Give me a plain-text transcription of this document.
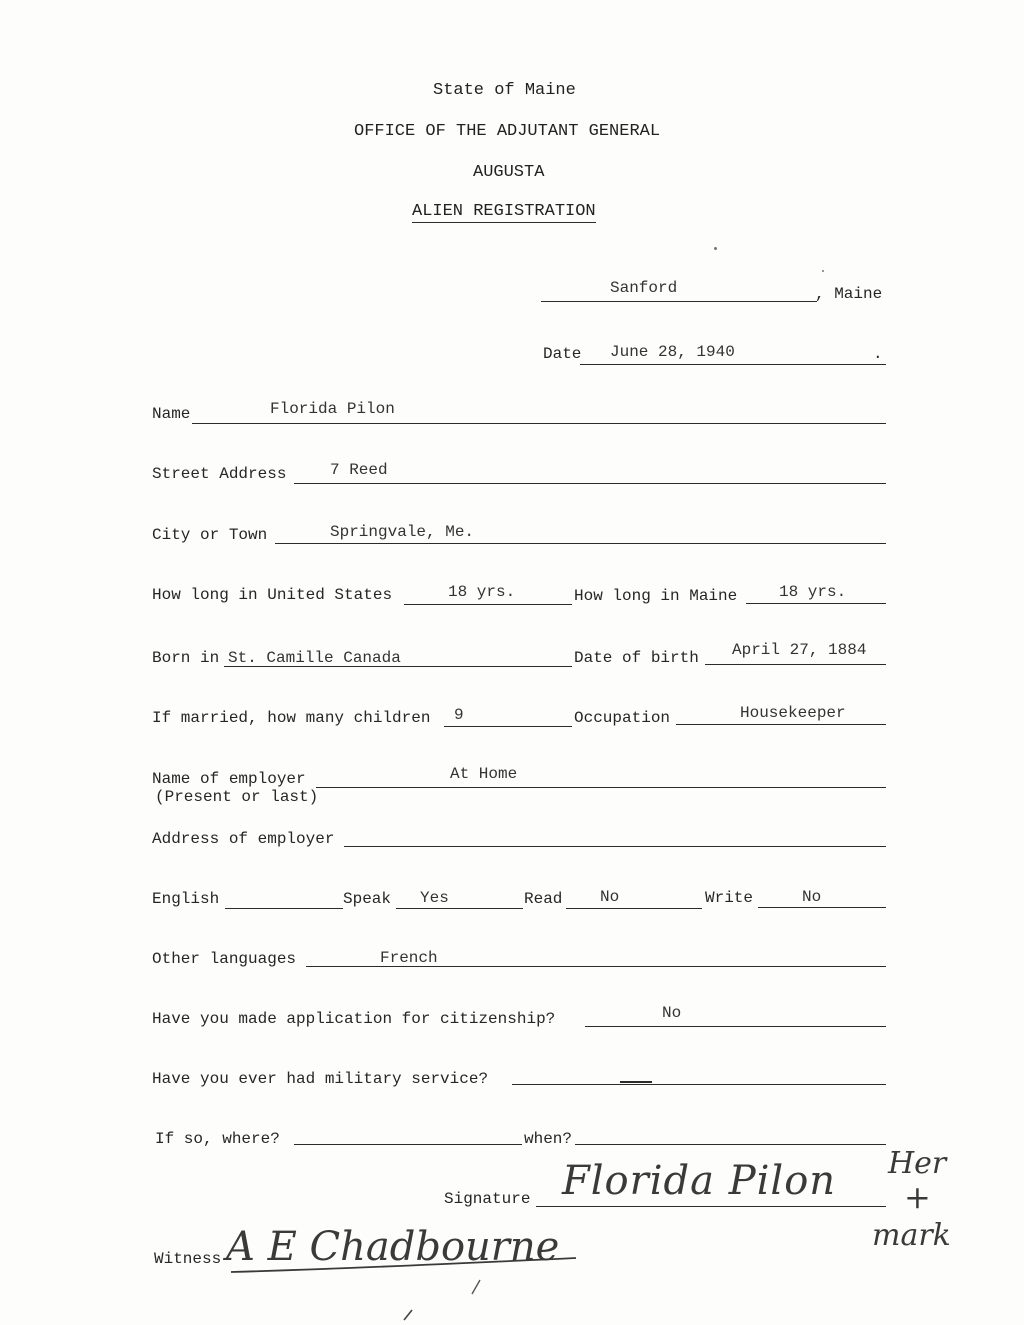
State of Maine
OFFICE OF THE ADJUTANT GENERAL
AUGUSTA
ALIEN REGISTRATION
Sanford	, Maine
Date June 28, 1940	.
Name	Florida Pilon
Street Address	7 Reed
City or Town	Springvale, Me.
How long in United States	18 yrs.	How long in Maine	18 yrs.
Born in St. Camille Canada	Date of birth April 27, 1884
If married, how many children 9	Occupation	Housekeeper
Name of employer
(Present or last)
At Home
Address of employer
English	Speak Yes	Read No	Write	No
Other languages	French
Have you made application for citizenship?	No
Have you ever had military service?
If so, where?	when?
Signature Florida Pilon Her
+
mark
Witness A E Chadbourne
